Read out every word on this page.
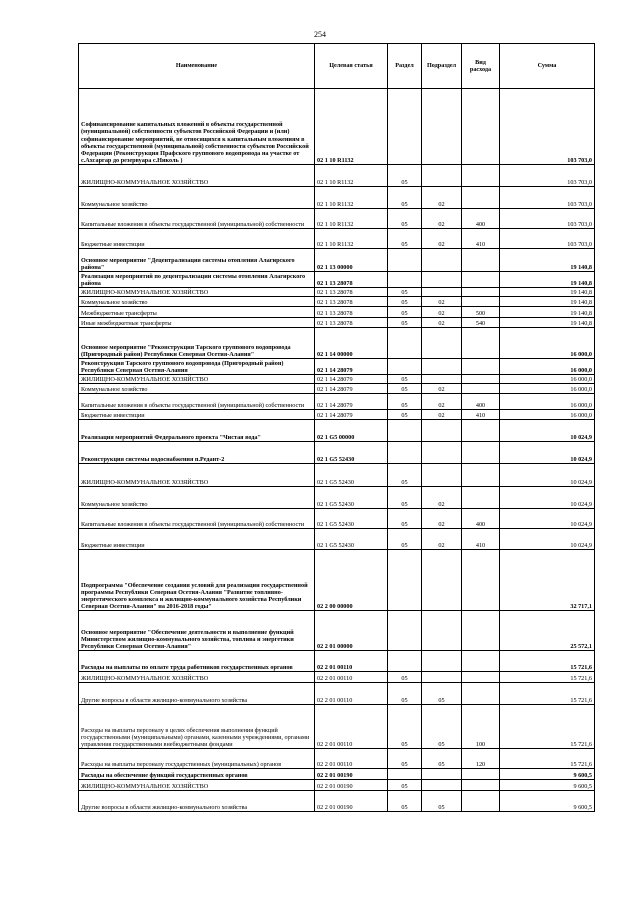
254
Наименование	Целевая статья	Раздел	Подраздел	Вид расхода	Сумма
Софинансирование капитальных вложений в объекты государственной (муниципальной) собственности субъектов Российской Федерации и (или) софинансирование мероприятий, не относящихся к капитальным вложениям в объекты государственной (муниципальной) собственности субъектов Российской Федерации (Реконструкция Прафского группового водопровода на участке от с.Ахсаргар до резервуара с.Николь )	02 1 10 R1132				103 703,0
ЖИЛИЩНО-КОММУНАЛЬНОЕ ХОЗЯЙСТВО	02 1 10 R1132	05			103 703,0
Коммунальное хозяйство	02 1 10 R1132	05	02		103 703,0
Капитальные вложения в объекты государственной (муниципальной) собственности	02 1 10 R1132	05	02	400	103 703,0
Бюджетные инвестиции	02 1 10 R1132	05	02	410	103 703,0
Основное мероприятие "Децентрализация системы отопления Алагирского района"	02 1 13 00000				19 140,8
Реализация мероприятий по децентрализации системы отопления Алагирского района	02 1 13 28078				19 140,8
ЖИЛИЩНО-КОММУНАЛЬНОЕ ХОЗЯЙСТВО	02 1 13 28078	05			19 140,8
Коммунальное хозяйство	02 1 13 28078	05	02		19 140,8
Межбюджетные трансферты	02 1 13 28078	05	02	500	19 140,8
Иные межбюджетные трансферты	02 1 13 28078	05	02	540	19 140,8
Основное мероприятие "Реконструкция Тарского группового водопровода (Пригородный район) Республики Северная Осетия-Алания"	02 1 14 00000				16 000,0
Реконструкция Тарского группового водопровода (Пригородный район) Республики Северная Осетия-Алания	02 1 14 28079				16 000,0
ЖИЛИЩНО-КОММУНАЛЬНОЕ ХОЗЯЙСТВО	02 1 14 28079	05			16 000,0
Коммунальное хозяйство	02 1 14 28079	05	02		16 000,0
Капитальные вложения в объекты государственной (муниципальной) собственности	02 1 14 28079	05	02	400	16 000,0
Бюджетные инвестиции	02 1 14 28079	05	02	410	16 000,0
Реализация мероприятий Федерального проекта "Чистая вода"	02 1 G5 00000				10 024,9
Реконструкция системы водоснабжения п.Редант-2	02 1 G5 52430				10 024,9
ЖИЛИЩНО-КОММУНАЛЬНОЕ ХОЗЯЙСТВО	02 1 G5 52430	05			10 024,9
Коммунальное хозяйство	02 1 G5 52430	05	02		10 024,9
Капитальные вложения в объекты государственной (муниципальной) собственности	02 1 G5 52430	05	02	400	10 024,9
Бюджетные инвестиции	02 1 G5 52430	05	02	410	10 024,9
Подпрограмма "Обеспечение создания условий для реализации государственной программы Республики Северная Осетия-Алания "Развитие топливно-энергетического комплекса и жилищно-коммунального хозяйства Республики Северная Осетия-Алания" на 2016-2018 годы"	02 2 00 00000				32 717,1
Основное мероприятие "Обеспечение деятельности и выполнение функций Министерством жилищно-коммунального хозяйства, топлива и энергетики Республики Северная Осетия-Алания"	02 2 01 00000				25 572,1
Расходы на выплаты по оплате труда работников государственных органов	02 2 01 00110				15 721,6
ЖИЛИЩНО-КОММУНАЛЬНОЕ ХОЗЯЙСТВО	02 2 01 00110	05			15 721,6
Другие вопросы в области жилищно-коммунального хозяйства	02 2 01 00110	05	05		15 721,6
Расходы на выплаты персоналу в целях обеспечения выполнения функций государственными (муниципальными) органами, казенными учреждениями, органами управления государственными внебюджетными фондами	02 2 01 00110	05	05	100	15 721,6
Расходы на выплаты персоналу государственных (муниципальных) органов	02 2 01 00110	05	05	120	15 721,6
Расходы на обеспечение функций государственных органов	02 2 01 00190				9 600,5
ЖИЛИЩНО-КОММУНАЛЬНОЕ ХОЗЯЙСТВО	02 2 01 00190	05			9 600,5
Другие вопросы в области жилищно-коммунального хозяйства	02 2 01 00190	05	05		9 600,5
